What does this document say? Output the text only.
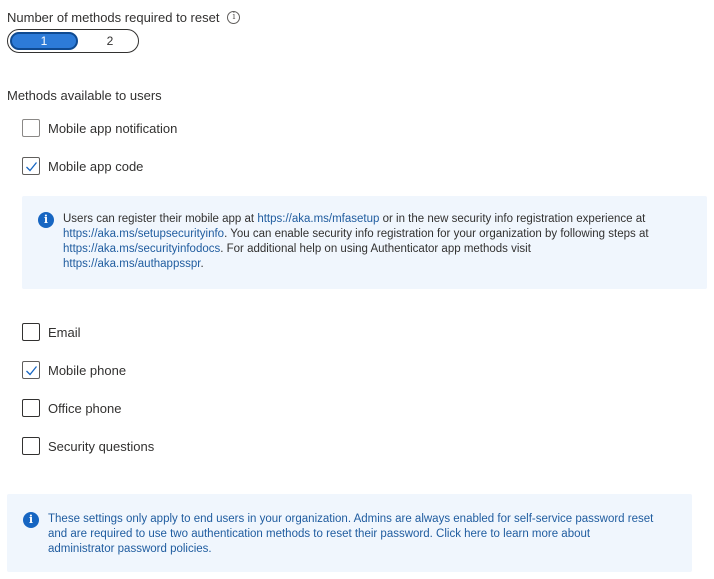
Number of methods required to reset	i
1	2
Methods available to users
Mobile app notification
Mobile app code
i	Users can register their mobile app at https://aka.ms/mfasetup or in the new security info registration experience at
https://aka.ms/setupsecurityinfo. You can enable security info registration for your organization by following steps at
https://aka.ms/securityinfodocs. For additional help on using Authenticator app methods visit
https://aka.ms/authappsspr.
Email
Mobile phone
Office phone
Security questions
i	These settings only apply to end users in your organization. Admins are always enabled for self-service password reset
and are required to use two authentication methods to reset their password. Click here to learn more about
administrator password policies.
